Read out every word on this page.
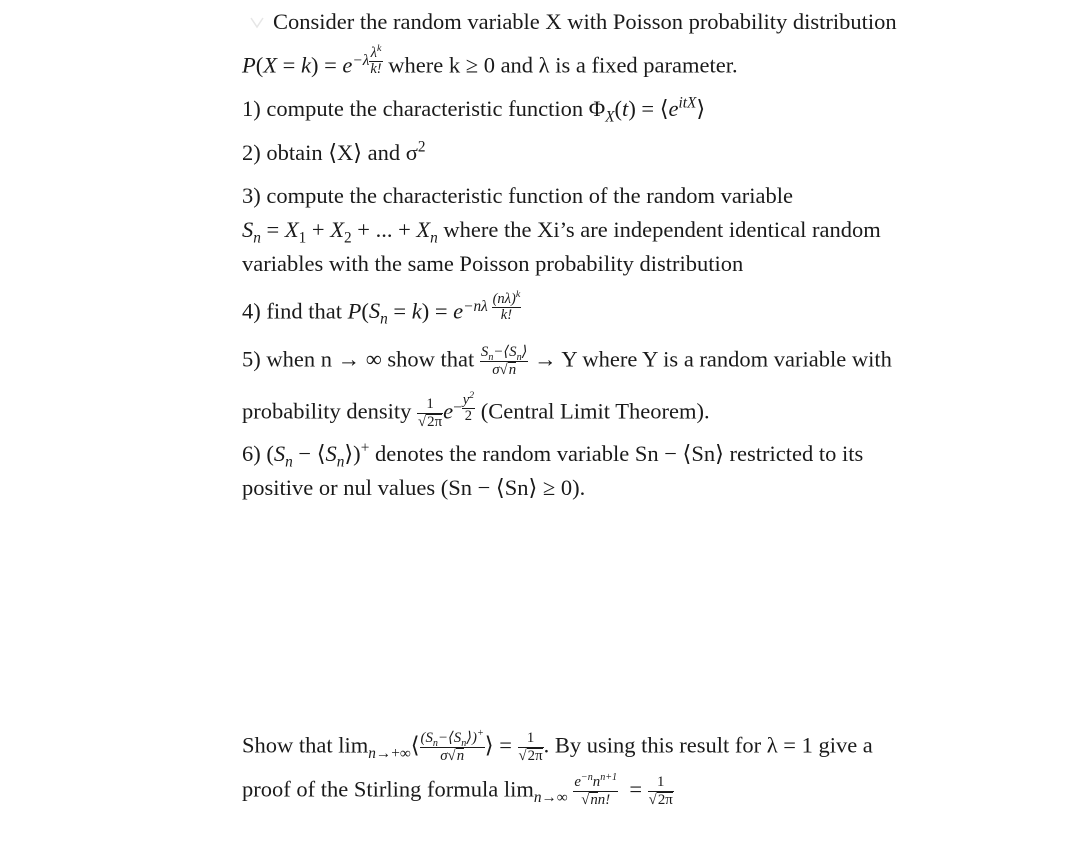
Consider the random variable X with Poisson probability distribution
$P(X = k) = e^{-\lambda \frac{\lambda^k}{k!}}$ where k ≥ 0 and λ is a fixed parameter.
1) compute the characteristic function $\Phi_X(t)$ = $⟨e^{itX}⟩$
2) obtain ⟨X⟩ and $\sigma^2$
3) compute the characteristic function of the random variable
$S_n = X_1 + X_2$ + ... + $X_n$ where the Xi’s are independent identical random
variables with the same Poisson probability distribution
4) find that $P(S_n = k) = e^{-n\lambda \frac{(n\lambda)^k}{k!}}$
5) when n → ∞ show that $\frac{S_n-⟨S_n⟩}{\sigma√n} \to Y$ where Y is a random variable with
probability density $\frac{1}{√2\pi} e^{- \frac{y^2}{2}}$ (Central Limit Theorem).
6) ($S_n$ − $⟨S_n⟩)^+$ denotes the random variable Sn − ⟨Sn⟩ restricted to its
positive or nul values (Sn − ⟨Sn⟩ ≥ 0).
Show that $\lim_{n\to+\infty}⟨ \frac{(S_n-⟨S_n⟩)^+}{\sigma√n}$ ⟩ = $\frac{1}{√2\pi}$ . By using this result for λ = 1 give a
proof of the Stirling formula $\lim_{n\to\infty} \frac{e^{-n}n^{n+1}}{√nn!} = \frac{1}{√2\pi}$
